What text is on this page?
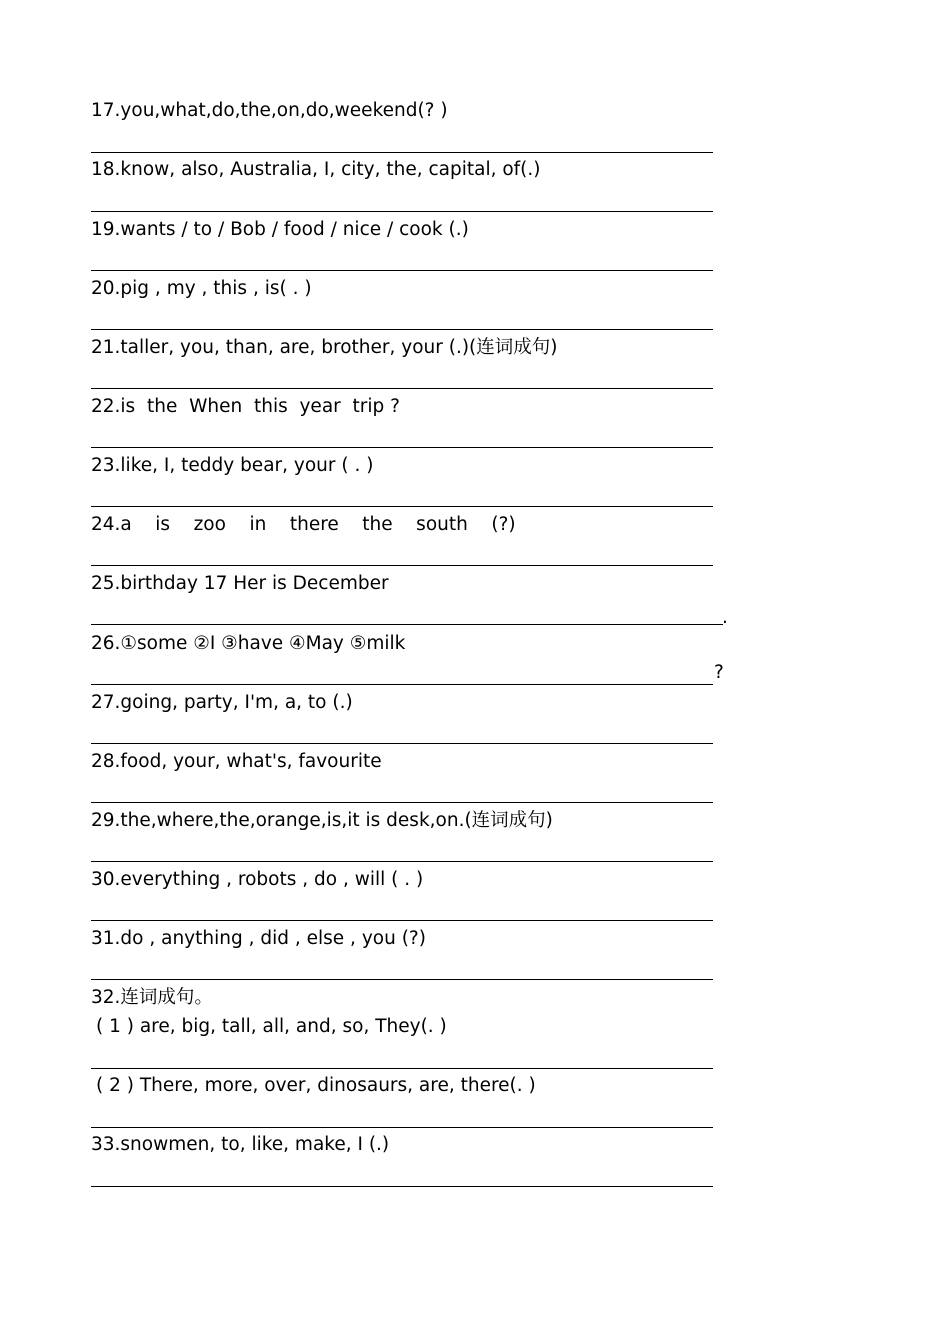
17.you,what,do,the,on,do,weekend(? )
18.know, also, Australia, I, city, the, capital, of(.)
19.wants / to / Bob / food / nice / cook (.)
20.pig , my , this , is( . )
21.taller, you, than, are, brother, your (.)(连词成句)
22.is  the  When  this  year  trip ?
23.like, I, teddy bear, your ( . )
24.a    is    zoo    in    there    the    south    (?)
25.birthday 17 Her is December
.
26.①some ②I ③have ④May ⑤milk
?
27.going, party, I'm, a, to (.)
28.food, your, what's, favourite
29.the,where,the,orange,is,it is desk,on.(连词成句)
30.everything , robots , do , will ( . )
31.do , anything , did , else , you (?)
32.连词成句。
( 1 ) are, big, tall, all, and, so, They(. )
( 2 ) There, more, over, dinosaurs, are, there(. )
33.snowmen, to, like, make, I (.)
